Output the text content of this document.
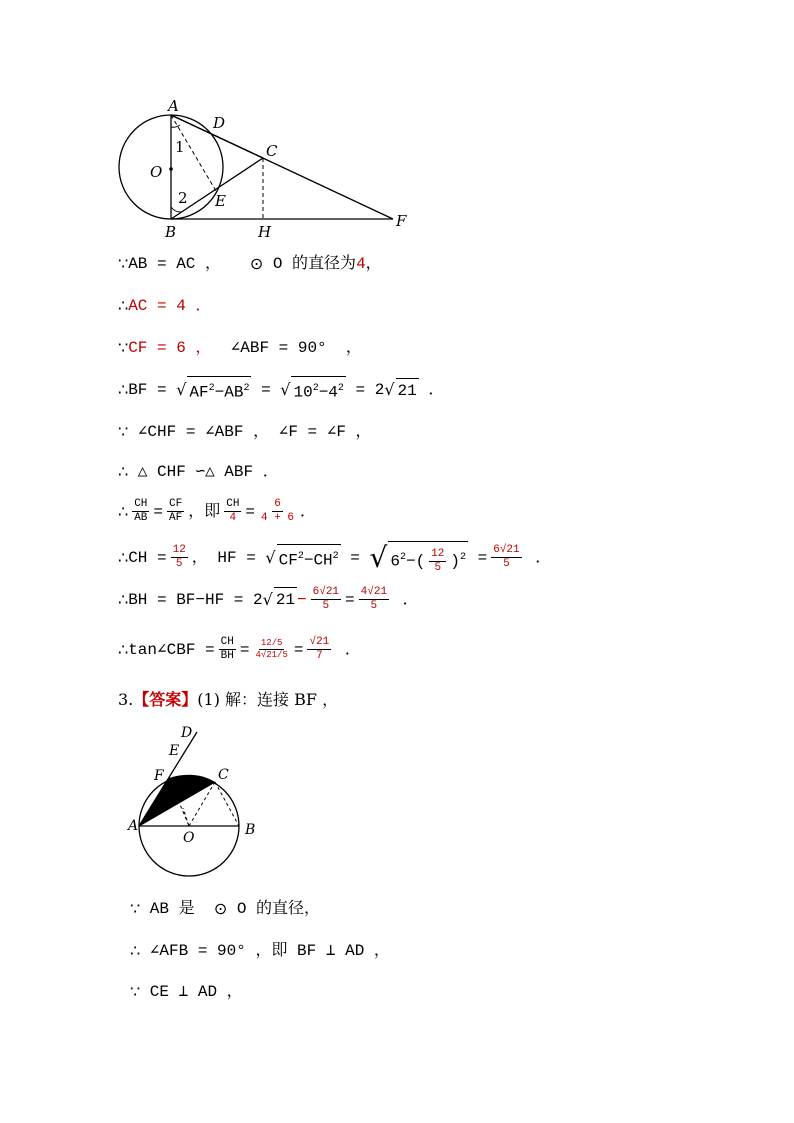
A
D
C
O
1
2 E
B	H
F
∵ AB = AC ，
⊙
O 的直径为 4 ，
∴ AC = 4 ．
∵ CF = 6 ，
∠ABF = 90°
，
∴ BF =
√ $AF^2-AB^2$
=
√ $10^2-4^2$
= 2 √ 21
．
∵
∠CHF = ∠ABF ， ∠F = ∠F ，
∴
△ CHF ∽△ ABF ．
∴ $\frac{CH}{AB} = \frac{CF}{AF}$ ，即 $\frac{CH}{4} = \frac{6}{4 + 6}$ ．
∴ CH = $\frac{12}{5}$ ， HF =
√ $CF^2-CH^2$
=
√ $6^2-( \frac{12}{5} )^2$
= $\frac{6√21}{5}$
．
∴ BH = BF−HF = 2 √ $21 - \frac{6√21}{5} = \frac{4√21}{5}$
．
∴ tan∠CBF = $\frac{CH}{BH} = \frac{12/5}{4√21/5} = \frac{√21}{7}$
．
3.【答案】(1) 解：连接 BF ，
D
E
F	C
A
O	B
∵
AB 是
⊙
O 的直径，
∴
∠AFB = 90° ，即 BF ⊥ AD ，
∵
CE ⊥ AD ，
